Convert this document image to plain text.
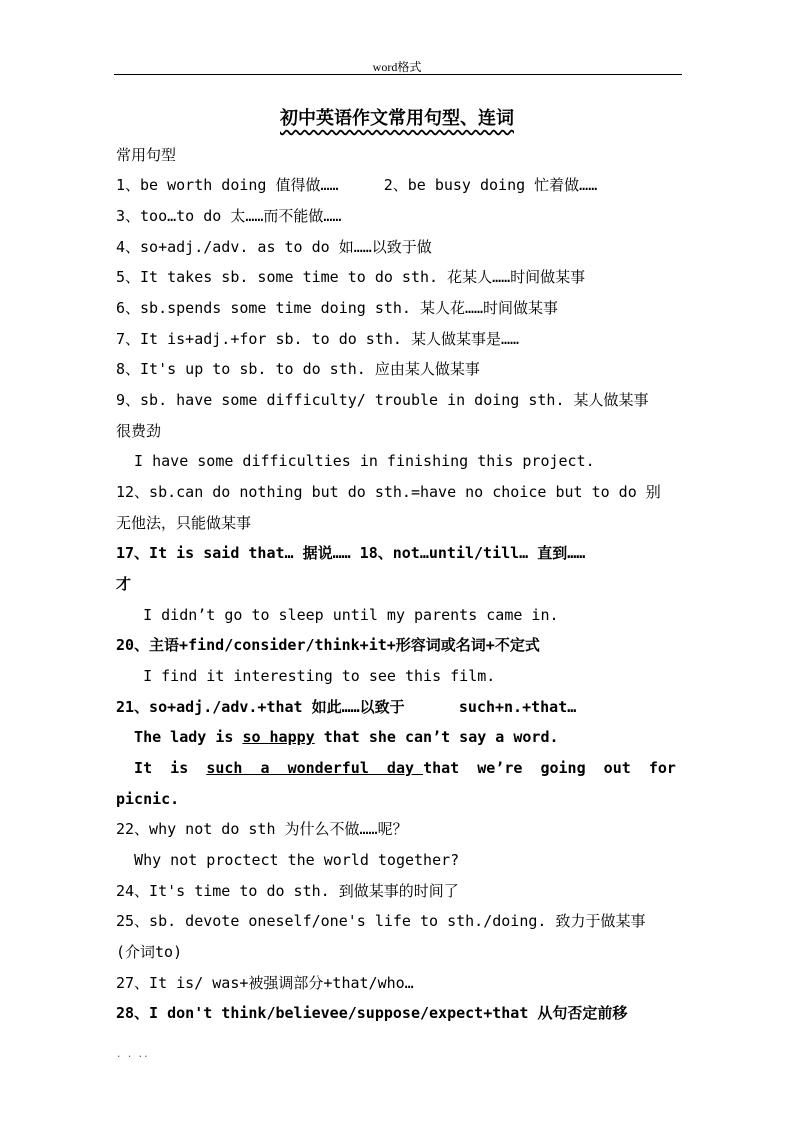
word格式
初中英语作文常用句型、连词
常用句型
1、be worth doing 值得做……     2、be busy doing 忙着做……
3、too…to do 太……而不能做……
4、so+adj./adv. as to do 如……以致于做
5、It takes sb. some time to do sth. 花某人……时间做某事
6、sb.spends some time doing sth. 某人花……时间做某事
7、It is+adj.+for sb. to do sth. 某人做某事是……
8、It's up to sb. to do sth. 应由某人做某事
9、sb. have some difficulty/ trouble in doing sth. 某人做某事
很费劲
I have some difficulties in finishing this project.
12、sb.can do nothing but do sth.=have no choice but to do 别
无他法，只能做某事
17、It is said that… 据说…… 18、not…until/till… 直到……
才
I didn’t go to sleep until my parents came in.
20、主语+find/consider/think+it+形容词或名词+不定式
I find it interesting to see this film.
21、so+adj./adv.+that 如此……以致于      such+n.+that…
The lady is so happy that she can’t say a word.
It  is  such  a  wonderful  day that  we’re  going  out  for
picnic.
22、why not do sth 为什么不做……呢？
Why not proctect the world together?
24、It's time to do sth. 到做某事的时间了
25、sb. devote oneself/one's life to sth./doing. 致力于做某事
(介词to)
27、It is/ was+被强调部分+that/who…
28、I don't think/believee/suppose/expect+that 从句否定前移
. . ..
